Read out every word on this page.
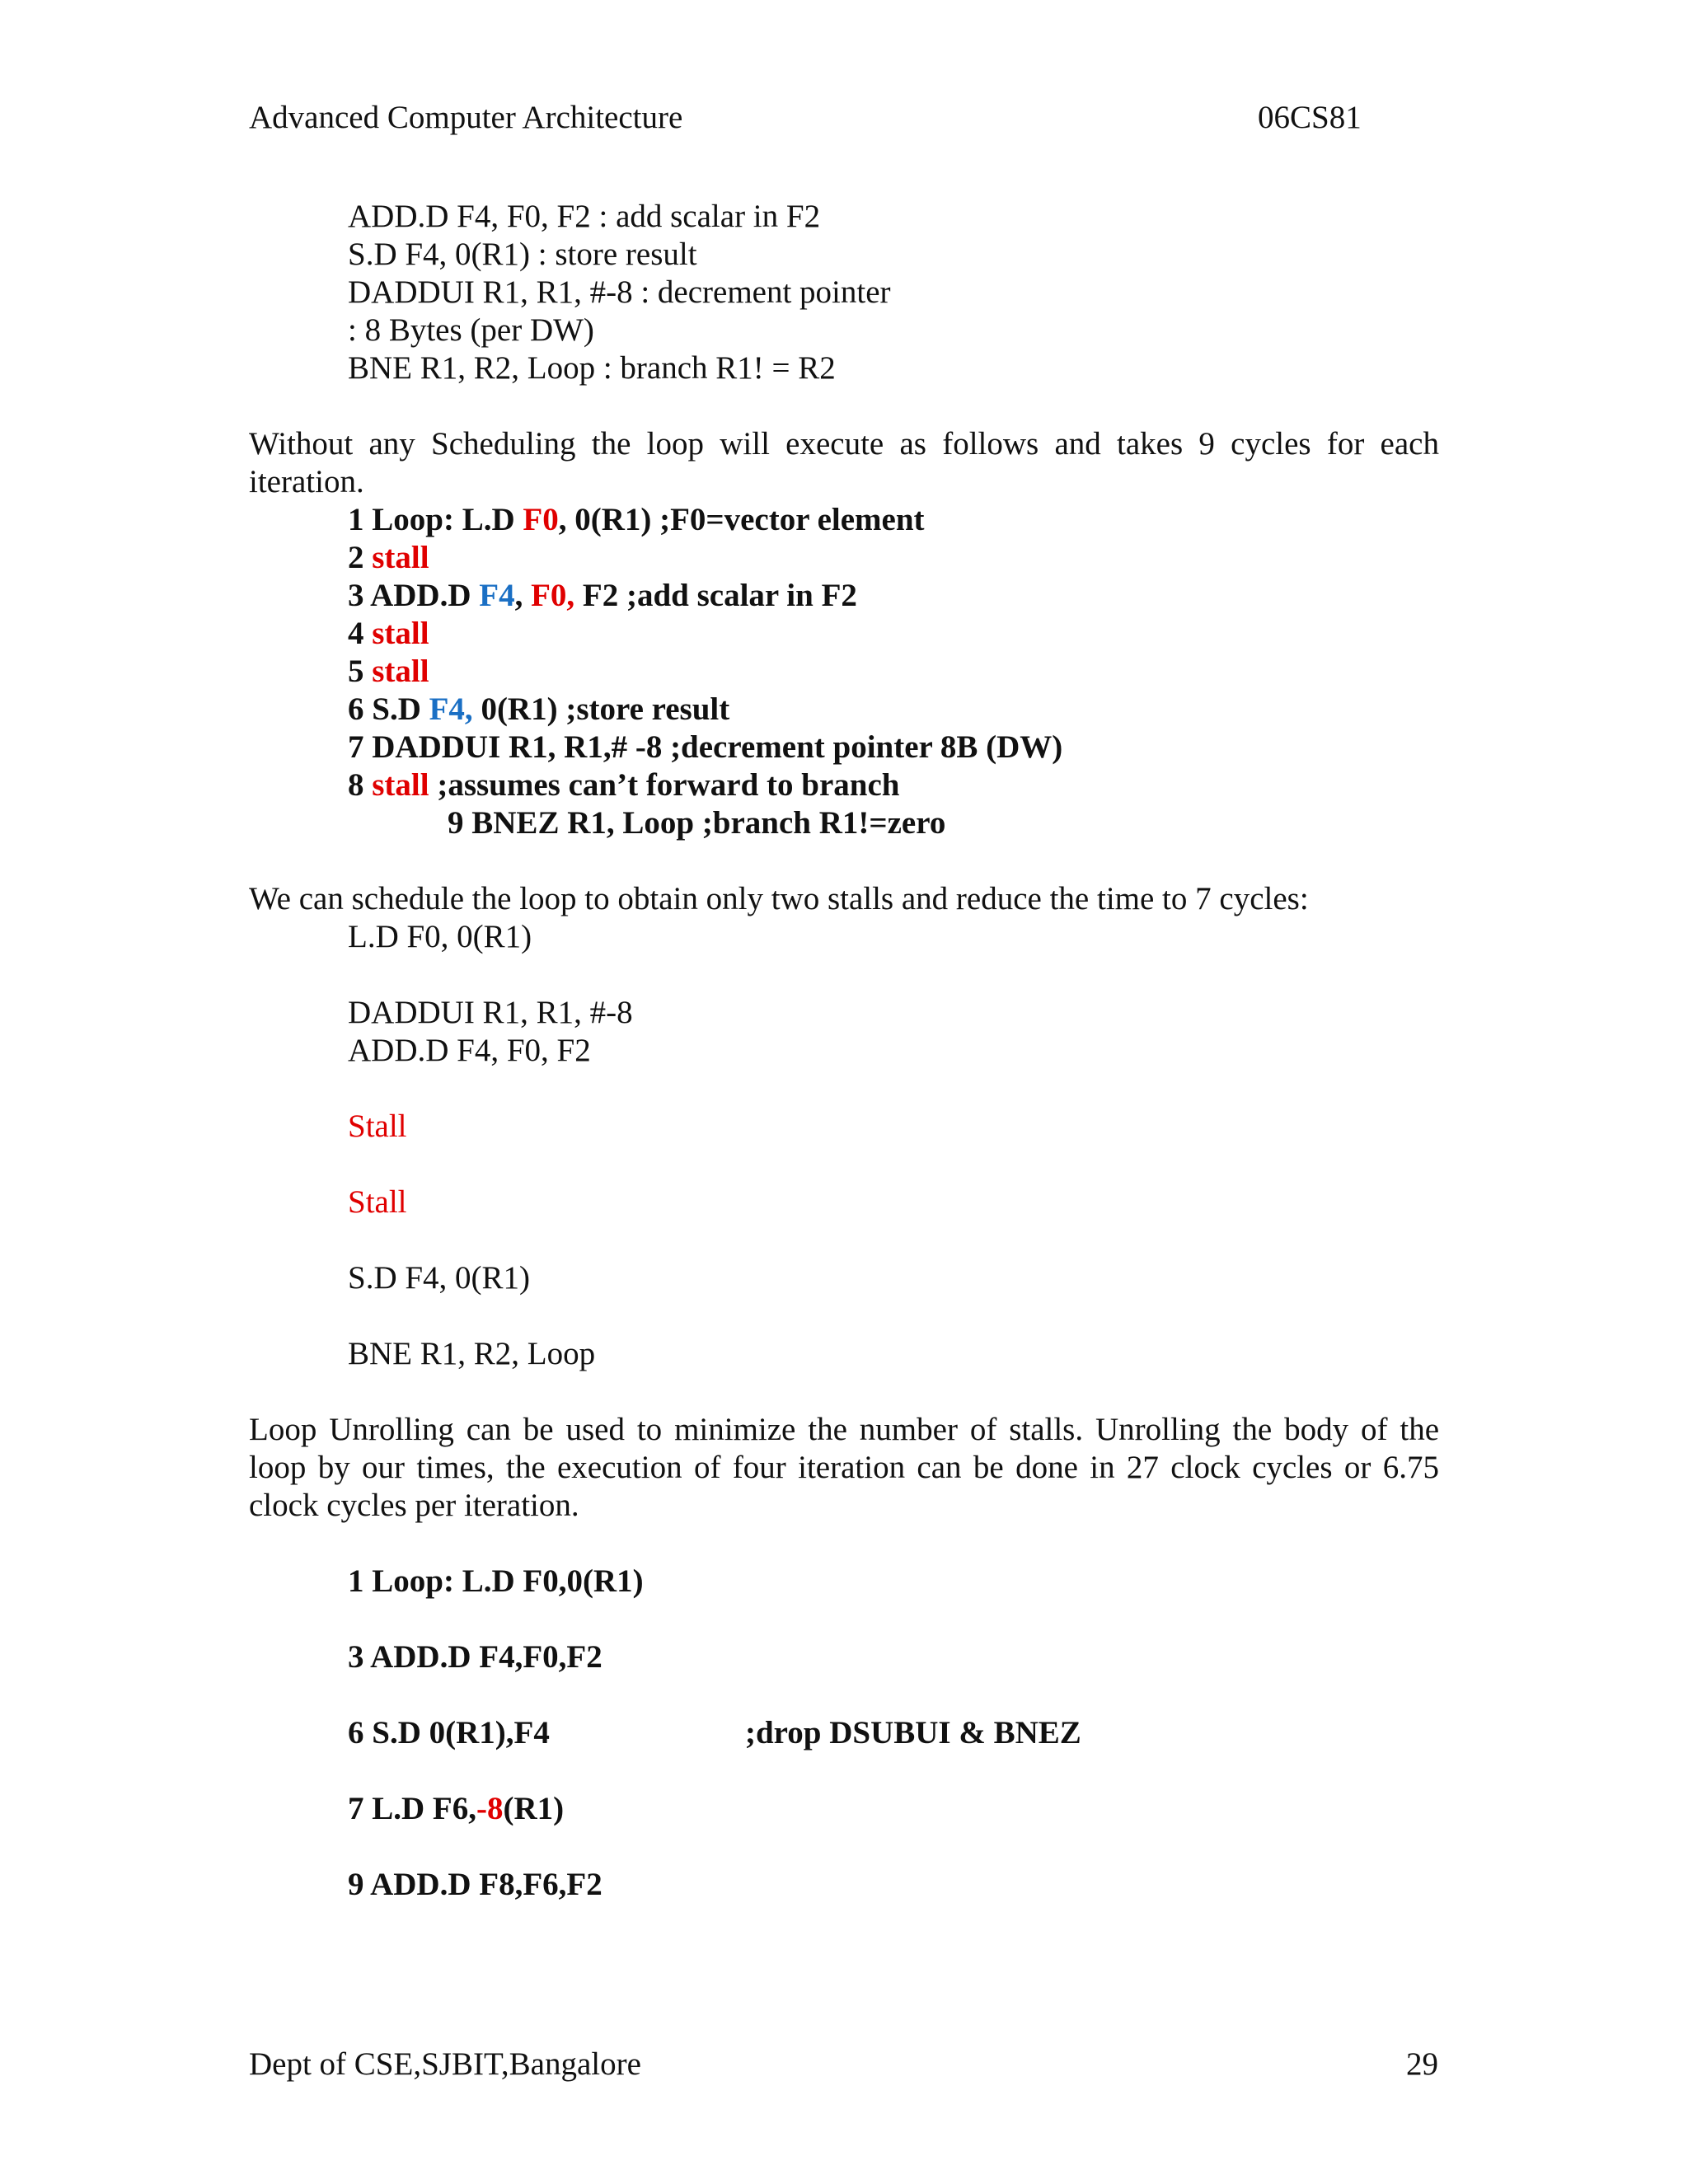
Advanced Computer Architecture	06CS81
ADD.D F4, F0, F2 : add scalar in F2
S.D F4, 0(R1) : store result
DADDUI R1, R1, #-8 : decrement pointer
: 8 Bytes (per DW)
BNE R1, R2, Loop : branch R1! = R2
Without any Scheduling the loop will execute as follows and takes 9 cycles for each
iteration.
1 Loop: L.D F0, 0(R1) ;F0=vector element
2 stall
3 ADD.D F4, F0, F2 ;add scalar in F2
4 stall
5 stall
6 S.D F4, 0(R1) ;store result
7 DADDUI R1, R1,# -8 ;decrement pointer 8B (DW)
8 stall ;assumes can’t forward to branch
9 BNEZ R1, Loop ;branch R1!=zero
We can schedule the loop to obtain only two stalls and reduce the time to 7 cycles:
L.D F0, 0(R1)
DADDUI R1, R1, #-8
ADD.D F4, F0, F2
Stall
Stall
S.D F4, 0(R1)
BNE R1, R2, Loop
Loop Unrolling can be used to minimize the number of stalls. Unrolling the body of the
loop by our times, the execution of four iteration can be done in 27 clock cycles or 6.75
clock cycles per iteration.
1 Loop: L.D F0,0(R1)
3 ADD.D F4,F0,F2
6 S.D 0(R1),F4	;drop DSUBUI & BNEZ
7 L.D F6,-8(R1)
9 ADD.D F8,F6,F2
Dept of CSE,SJBIT,Bangalore	29
